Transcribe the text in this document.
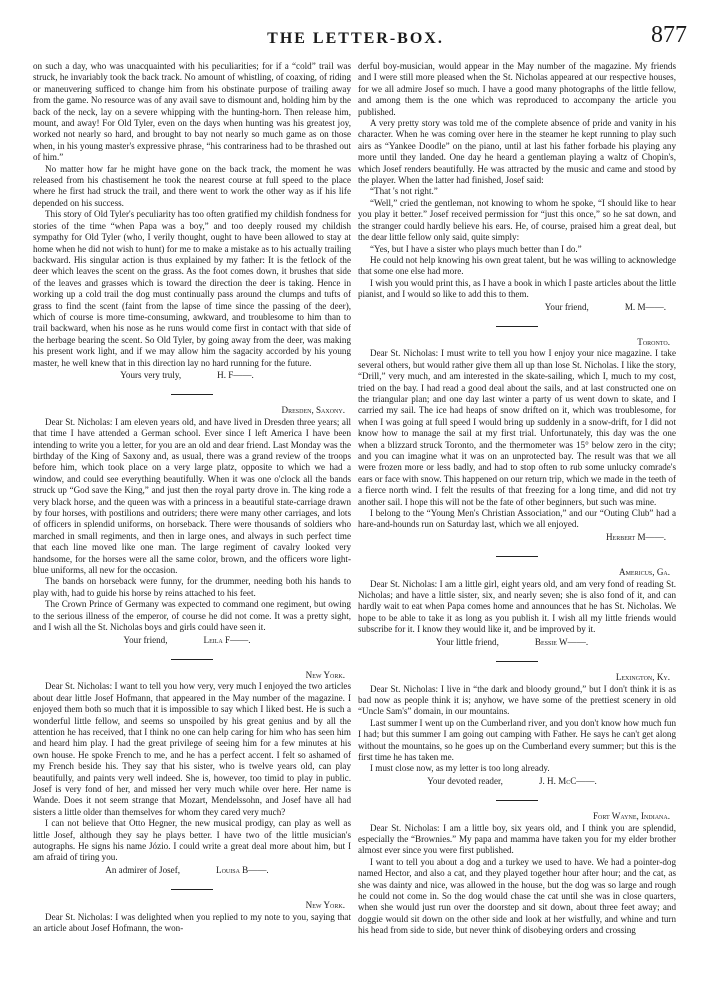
THE LETTER-BOX.	877

on such a day, who was unacquainted with his peculiarities; for if a “cold” trail was struck, he invariably took the back track. No amount of whistling, of coaxing, of riding or maneuvering sufficed to change him from his obstinate purpose of trailing away from the game. No resource was of any avail save to dismount and, holding him by the back of the neck, lay on a severe whipping with the hunting-horn. Then release him, mount, and away! For Old Tyler, even on the days when hunting was his greatest joy, worked not nearly so hard, and brought to bay not nearly so much game as on those when, in his young master's expressive phrase, “his contrariness had to be thrashed out of him.”

No matter how far he might have gone on the back track, the moment he was released from his chastisement he took the nearest course at full speed to the place where he first had struck the trail, and there went to work the other way as if his life depended on his success.

This story of Old Tyler's peculiarity has too often gratified my childish fondness for stories of the time “when Papa was a boy,” and too deeply roused my childish sympathy for Old Tyler (who, I verily thought, ought to have been allowed to stay at home when he did not wish to hunt) for me to make a mistake as to his actually trailing backward. His singular action is thus explained by my father: It is the fetlock of the deer which leaves the scent on the grass. As the foot comes down, it brushes that side of the leaves and grasses which is toward the direction the deer is taking. Hence in working up a cold trail the dog must continually pass around the clumps and tufts of grass to find the scent (faint from the lapse of time since the passing of the deer), which of course is more time-consuming, awkward, and troublesome to him than to trail backward, when his nose as he runs would come first in contact with that side of the herbage bearing the scent. So Old Tyler, by going away from the deer, was making his present work light, and if we may allow him the sagacity accorded by his young master, he well knew that in this direction lay no hard running for the future.

Yours very truly,	H. F——.
Dresden, Saxony.

Dear St. Nicholas: I am eleven years old, and have lived in Dresden three years; all that time I have attended a German school. Ever since I left America I have been intending to write you a letter, for you are an old and dear friend. Last Monday was the birthday of the King of Saxony and, as usual, there was a grand review of the troops before him, which took place on a very large platz, opposite to which we had a window, and could see everything beautifully. When it was one o'clock all the bands struck up “God save the King,” and just then the royal party drove in. The king rode a very black horse, and the queen was with a princess in a beautiful state-carriage drawn by four horses, with postilions and outriders; there were many other carriages, and lots of officers in splendid uniforms, on horseback. There were thousands of soldiers who marched in small regiments, and then in large ones, and always in such perfect time that each line moved like one man. The large regiment of cavalry looked very handsome, for the horses were all the same color, brown, and the officers wore light-blue uniforms, all new for the occasion.

The bands on horseback were funny, for the drummer, needing both his hands to play with, had to guide his horse by reins attached to his feet.

The Crown Prince of Germany was expected to command one regiment, but owing to the serious illness of the emperor, of course he did not come. It was a pretty sight, and I wish all the St. Nicholas boys and girls could have seen it.

Your friend,	Leila F——.
New York.

Dear St. Nicholas: I want to tell you how very, very much I enjoyed the two articles about dear little Josef Hofmann, that appeared in the May number of the magazine. I enjoyed them both so much that it is impossible to say which I liked best. He is such a wonderful little fellow, and seems so unspoiled by his great genius and by all the attention he has received, that I think no one can help caring for him who has seen him and heard him play. I had the great privilege of seeing him for a few minutes at his own house. He spoke French to me, and he has a perfect accent. I felt so ashamed of my French beside his. They say that his sister, who is twelve years old, can play beautifully, and paints very well indeed. She is, however, too timid to play in public. Josef is very fond of her, and missed her very much while over here. Her name is Wande. Does it not seem strange that Mozart, Mendelssohn, and Josef have all had sisters a little older than themselves for whom they cared very much?

I can not believe that Otto Hegner, the new musical prodigy, can play as well as little Josef, although they say he plays better. I have two of the little musician's autographs. He signs his name Józio. I could write a great deal more about him, but I am afraid of tiring you.

An admirer of Josef,	Louisa B——.
New York.

Dear St. Nicholas: I was delighted when you replied to my note to you, saying that an article about Josef Hofmann, the won-

derful boy-musician, would appear in the May number of the magazine. My friends and I were still more pleased when the St. Nicholas appeared at our respective houses, for we all admire Josef so much. I have a good many photographs of the little fellow, and among them is the one which was reproduced to accompany the article you published.

A very pretty story was told me of the complete absence of pride and vanity in his character. When he was coming over here in the steamer he kept running to play such airs as “Yankee Doodle” on the piano, until at last his father forbade his playing any more until they landed. One day he heard a gentleman playing a waltz of Chopin's, which Josef renders beautifully. He was attracted by the music and came and stood by the player. When the latter had finished, Josef said:

“That 's not right.”

“Well,” cried the gentleman, not knowing to whom he spoke, “I should like to hear you play it better.” Josef received permission for “just this once,” so he sat down, and the stranger could hardly believe his ears. He, of course, praised him a great deal, but the dear little fellow only said, quite simply:

“Yes, but I have a sister who plays much better than I do.”

He could not help knowing his own great talent, but he was willing to acknowledge that some one else had more.

I wish you would print this, as I have a book in which I paste articles about the little pianist, and I would so like to add this to them.

Your friend,	M. M——.
Toronto.

Dear St. Nicholas: I must write to tell you how I enjoy your nice magazine. I take several others, but would rather give them all up than lose St. Nicholas. I like the story, “Drill,” very much, and am interested in the skate-sailing, which I, much to my cost, tried on the bay. I had read a good deal about the sails, and at last constructed one on the triangular plan; and one day last winter a party of us went down to skate, and I carried my sail. The ice had heaps of snow drifted on it, which was troublesome, for when I was going at full speed I would bring up suddenly in a snow-drift, for I did not know how to manage the sail at my first trial. Unfortunately, this day was the one when a blizzard struck Toronto, and the thermometer was 15° below zero in the city; and you can imagine what it was on an unprotected bay. The result was that we all were frozen more or less badly, and had to stop often to rub some unlucky comrade's ears or face with snow. This happened on our return trip, which we made in the teeth of a fierce north wind. I felt the results of that freezing for a long time, and did not try another sail. I hope this will not be the fate of other beginners, but such was mine.

I belong to the “Young Men's Christian Association,” and our “Outing Club” had a hare-and-hounds run on Saturday last, which we all enjoyed.

Herbert M——.
Americus, Ga.

Dear St. Nicholas: I am a little girl, eight years old, and am very fond of reading St. Nicholas; and have a little sister, six, and nearly seven; she is also fond of it, and can hardly wait to eat when Papa comes home and announces that he has St. Nicholas. We hope to be able to take it as long as you publish it. I wish all my little friends would subscribe for it. I know they would like it, and be improved by it.

Your little friend,	Bessie W——.
Lexington, Ky.

Dear St. Nicholas: I live in “the dark and bloody ground,” but I don't think it is as bad now as people think it is; anyhow, we have some of the prettiest scenery in old “Uncle Sam's” domain, in our mountains.

Last summer I went up on the Cumberland river, and you don't know how much fun I had; but this summer I am going out camping with Father. He says he can't get along without the mountains, so he goes up on the Cumberland every summer; but this is the first time he has taken me.

I must close now, as my letter is too long already.

Your devoted reader,	J. H. McC——.
Fort Wayne, Indiana.

Dear St. Nicholas: I am a little boy, six years old, and I think you are splendid, especially the “Brownies.” My papa and mamma have taken you for my elder brother almost ever since you were first published.

I want to tell you about a dog and a turkey we used to have. We had a pointer-dog named Hector, and also a cat, and they played together hour after hour; and the cat, as she was dainty and nice, was allowed in the house, but the dog was so large and rough he could not come in. So the dog would chase the cat until she was in close quarters, when she would just run over the doorstep and sit down, about three feet away; and doggie would sit down on the other side and look at her wistfully, and whine and turn his head from side to side, but never think of disobeying orders and crossing
